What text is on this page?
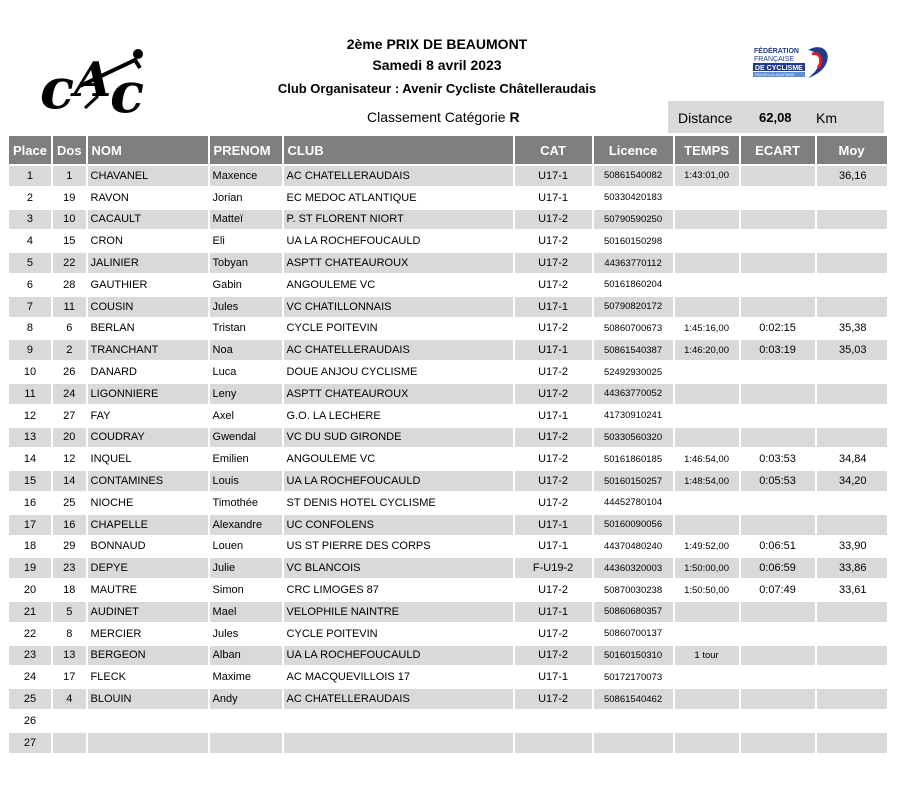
c A
c
FÉDÉRATION
FRANÇAISE
DE CYCLISME
NOUVELLE-AQUITAINE
2ème PRIX DE BEAUMONT
Samedi 8 avril 2023
Club Organisateur : Avenir Cycliste Châtelleraudais
Classement Catégorie R	Distance 62,08 Km
Place	Dos	NOM	PRENOM	CLUB	CAT	Licence	TEMPS	ECART	Moy
1	1	CHAVANEL	Maxence	AC CHATELLERAUDAIS	U17-1	50861540082	1:43:01,00		36,16
2	19	RAVON	Jorian	EC MEDOC ATLANTIQUE	U17-1	50330420183			
3	10	CACAULT	Matteï	P. ST FLORENT NIORT	U17-2	50790590250			
4	15	CRON	Eli	UA LA ROCHEFOUCAULD	U17-2	50160150298			
5	22	JALINIER	Tobyan	ASPTT CHATEAUROUX	U17-2	44363770112			
6	28	GAUTHIER	Gabin	ANGOULEME VC	U17-2	50161860204			
7	11	COUSIN	Jules	VC CHATILLONNAIS	U17-1	50790820172			
8	6	BERLAN	Tristan	CYCLE POITEVIN	U17-2	50860700673	1:45:16,00	0:02:15	35,38
9	2	TRANCHANT	Noa	AC CHATELLERAUDAIS	U17-1	50861540387	1:46:20,00	0:03:19	35,03
10	26	DANARD	Luca	DOUE ANJOU CYCLISME	U17-2	52492930025			
11	24	LIGONNIERE	Leny	ASPTT CHATEAUROUX	U17-2	44363770052			
12	27	FAY	Axel	G.O. LA LECHERE	U17-1	41730910241			
13	20	COUDRAY	Gwendal	VC DU SUD GIRONDE	U17-2	50330560320			
14	12	INQUEL	Emilien	ANGOULEME VC	U17-2	50161860185	1:46:54,00	0:03:53	34,84
15	14	CONTAMINES	Louis	UA LA ROCHEFOUCAULD	U17-2	50160150257	1:48:54,00	0:05:53	34,20
16	25	NIOCHE	Timothée	ST DENIS HOTEL CYCLISME	U17-2	44452780104			
17	16	CHAPELLE	Alexandre	UC CONFOLENS	U17-1	50160090056			
18	29	BONNAUD	Louen	US ST PIERRE DES CORPS	U17-1	44370480240	1:49:52,00	0:06:51	33,90
19	23	DEPYE	Julie	VC BLANCOIS	F-U19-2	44360320003	1:50:00,00	0:06:59	33,86
20	18	MAUTRE	Simon	CRC LIMOGES 87	U17-2	50870030238	1:50:50,00	0:07:49	33,61
21	5	AUDINET	Mael	VELOPHILE NAINTRE	U17-1	50860680357			
22	8	MERCIER	Jules	CYCLE POITEVIN	U17-2	50860700137			
23	13	BERGEON	Alban	UA LA ROCHEFOUCAULD	U17-2	50160150310	1 tour		
24	17	FLECK	Maxime	AC MACQUEVILLOIS 17	U17-1	50172170073			
25	4	BLOUIN	Andy	AC CHATELLERAUDAIS	U17-2	50861540462			
26									
27									
